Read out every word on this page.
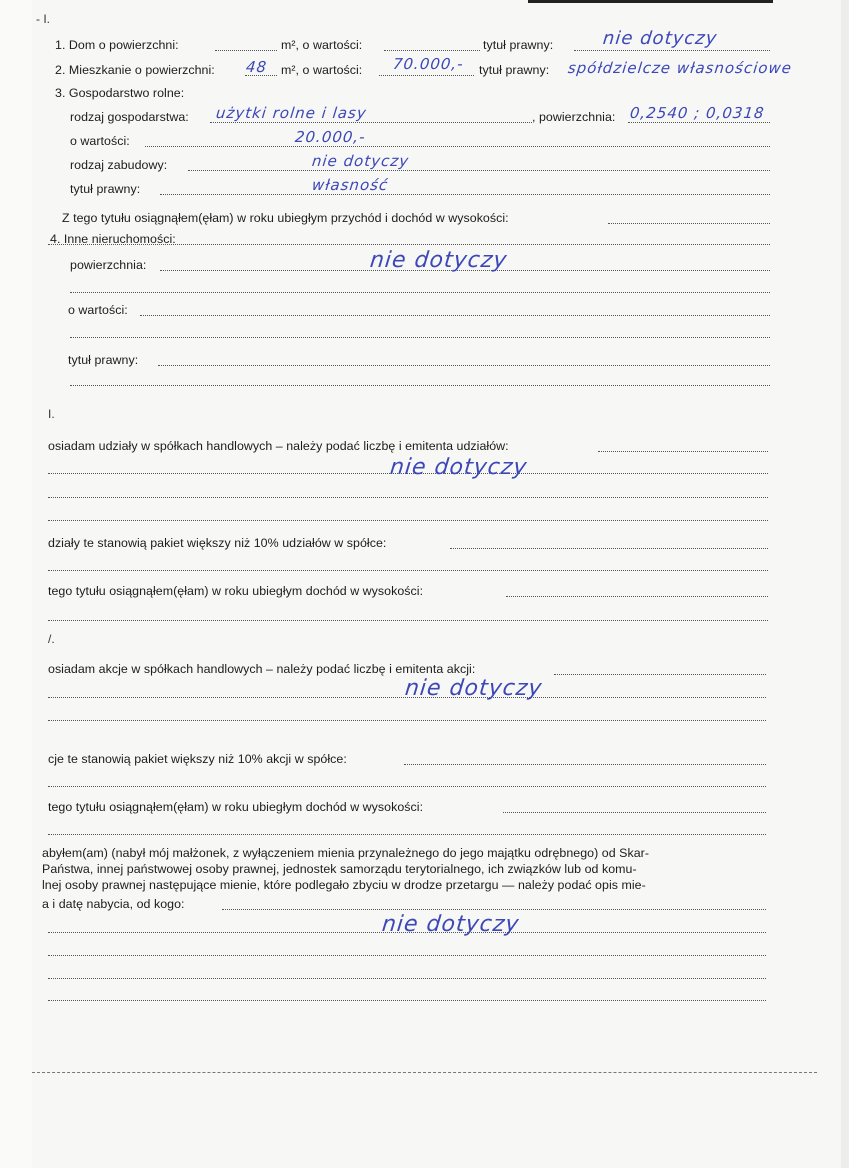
- I.
1. Dom o powierzchni:	m², o wartości:	tytuł prawny:	nie dotyczy
2. Mieszkanie o powierzchni: 48 m², o wartości: 70.000,- tytuł prawny: spółdzielcze własnościowe
3. Gospodarstwo rolne:
rodzaj gospodarstwa: użytki rolne i lasy	, powierzchnia: 0,2540 ; 0,0318
o wartości:	20.000,-
rodzaj zabudowy:	nie dotyczy
tytuł prawny:	własność
Z tego tytułu osiągnąłem(ęłam) w roku ubiegłym przychód i dochód w wysokości:
4. Inne nieruchomości:
powierzchnia:	nie dotyczy
o wartości:
tytuł prawny:
I.
osiadam udziały w spółkach handlowych – należy podać liczbę i emitenta udziałów:
nie dotyczy
działy te stanowią pakiet większy niż 10% udziałów w spółce:
tego tytułu osiągnąłem(ęłam) w roku ubiegłym dochód w wysokości:
/.
osiadam akcje w spółkach handlowych – należy podać liczbę i emitenta akcji:
nie dotyczy
cje te stanowią pakiet większy niż 10% akcji w spółce:
tego tytułu osiągnąłem(ęłam) w roku ubiegłym dochód w wysokości:
abyłem(am) (nabył mój małżonek, z wyłączeniem mienia przynależnego do jego majątku odrębnego) od Skar-
Państwa, innej państwowej osoby prawnej, jednostek samorządu terytorialnego, ich związków lub od komu-
lnej osoby prawnej następujące mienie, które podlegało zbyciu w drodze przetargu — należy podać opis mie-
a i datę nabycia, od kogo:
nie dotyczy
